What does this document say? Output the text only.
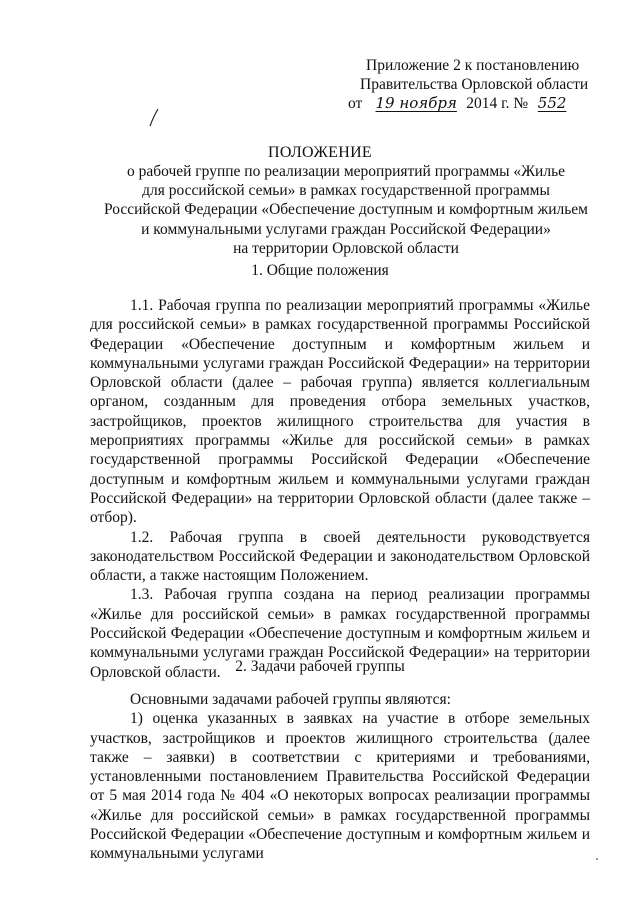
Приложение 2 к постановлению
Правительства Орловской области
от 19 ноября 2014 г. № 552
ПОЛОЖЕНИЕ
о рабочей группе по реализации мероприятий программы «Жилье
для российской семьи» в рамках государственной программы
Российской Федерации «Обеспечение доступным и комфортным жильем
и коммунальными услугами граждан Российской Федерации»
на территории Орловской области
1. Общие положения

1.1. Рабочая группа по реализации мероприятий программы «Жилье для российской семьи» в рамках государственной программы Российской Федерации «Обеспечение доступным и комфортным жильем и коммунальными услугами граждан Российской Федерации» на территории Орловской области (далее – рабочая группа) является коллегиальным органом, созданным для проведения отбора земельных участков, застройщиков, проектов жилищного строительства для участия в мероприятиях программы «Жилье для российской семьи» в рамках государственной программы Российской Федерации «Обеспечение доступным и комфортным жильем и коммунальными услугами граждан Российской Федерации» на территории Орловской области (далее также – отбор).

1.2. Рабочая группа в своей деятельности руководствуется законодательством Российской Федерации и законодательством Орловской области, а также настоящим Положением.

1.3. Рабочая группа создана на период реализации программы «Жилье для российской семьи» в рамках государственной программы Российской Федерации «Обеспечение доступным и комфортным жильем и коммунальными услугами граждан Российской Федерации» на территории Орловской области. 2. Задачи рабочей группы

Основными задачами рабочей группы являются:

1) оценка указанных в заявках на участие в отборе земельных участков, застройщиков и проектов жилищного строительства (далее также – заявки) в соответствии с критериями и требованиями, установленными постановлением Правительства Российской Федерации от 5 мая 2014 года № 404 «О некоторых вопросах реализации программы «Жилье для российской семьи» в рамках государственной программы Российской Федерации «Обеспечение доступным и комфортным жильем и коммунальными услугами
